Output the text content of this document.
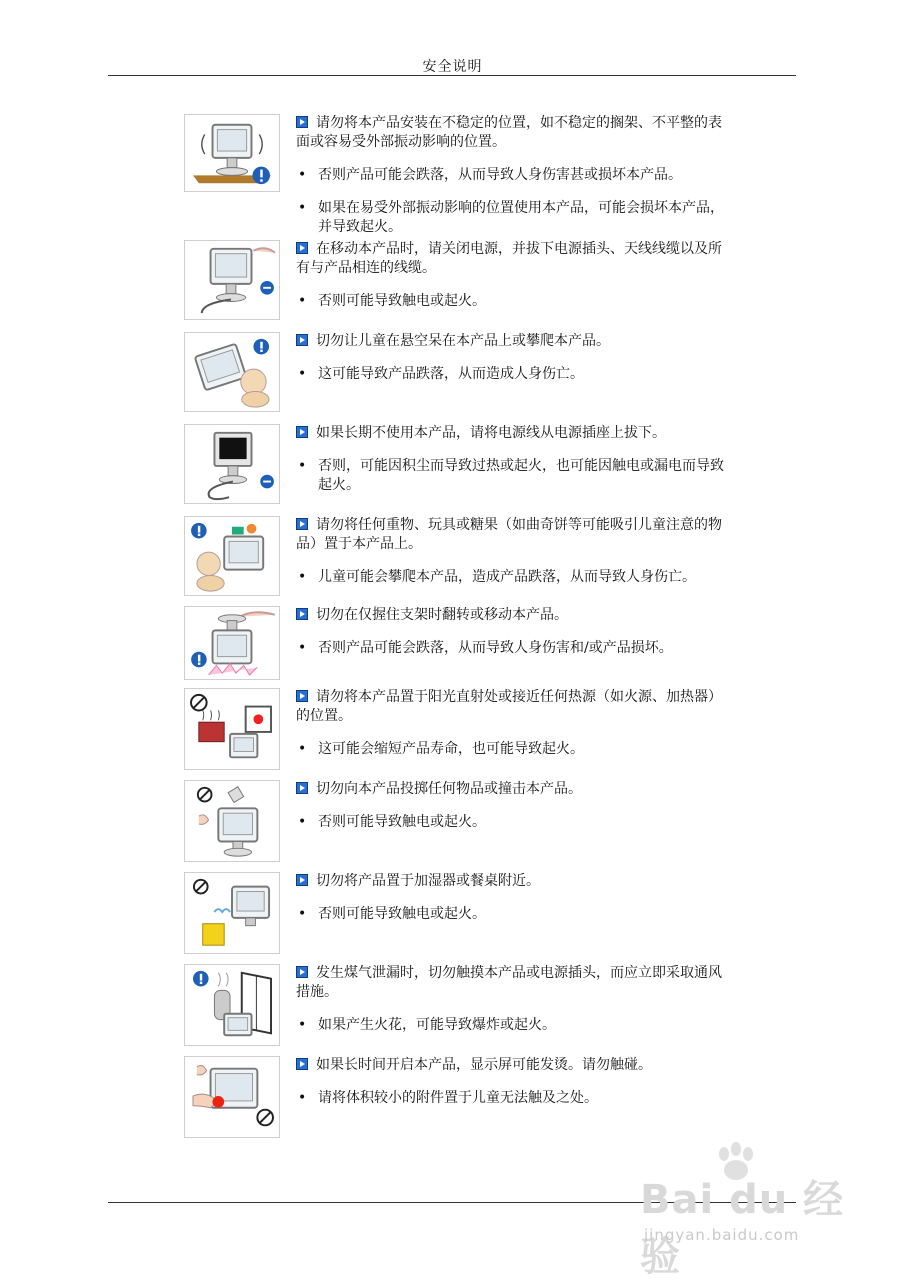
安全说明

请勿将本产品安装在不稳定的位置，如不稳定的搁架、不平整的表面或容易受外部振动影响的位置。

• 否则产品可能会跌落，从而导致人身伤害甚或损坏本产品。

• 如果在易受外部振动影响的位置使用本产品，可能会损坏本产品，并导致起火。

在移动本产品时，请关闭电源，并拔下电源插头、天线线缆以及所有与产品相连的线缆。

• 否则可能导致触电或起火。

切勿让儿童在悬空呆在本产品上或攀爬本产品。

• 这可能导致产品跌落，从而造成人身伤亡。

如果长期不使用本产品，请将电源线从电源插座上拔下。

• 否则，可能因积尘而导致过热或起火，也可能因触电或漏电而导致起火。

请勿将任何重物、玩具或糖果（如曲奇饼等可能吸引儿童注意的物品）置于本产品上。

• 儿童可能会攀爬本产品，造成产品跌落，从而导致人身伤亡。

切勿在仅握住支架时翻转或移动本产品。

• 否则产品可能会跌落，从而导致人身伤害和/或产品损坏。

请勿将本产品置于阳光直射处或接近任何热源（如火源、加热器）的位置。

• 这可能会缩短产品寿命，也可能导致起火。

切勿向本产品投掷任何物品或撞击本产品。

• 否则可能导致触电或起火。

切勿将产品置于加湿器或餐桌附近。

• 否则可能导致触电或起火。

发生煤气泄漏时，切勿触摸本产品或电源插头，而应立即采取通风措施。

• 如果产生火花，可能导致爆炸或起火。

如果长时间开启本产品，显示屏可能发烫。请勿触碰。

• 请将体积较小的附件置于儿童无法触及之处。

Bai du 经验
jingyan.baidu.com
